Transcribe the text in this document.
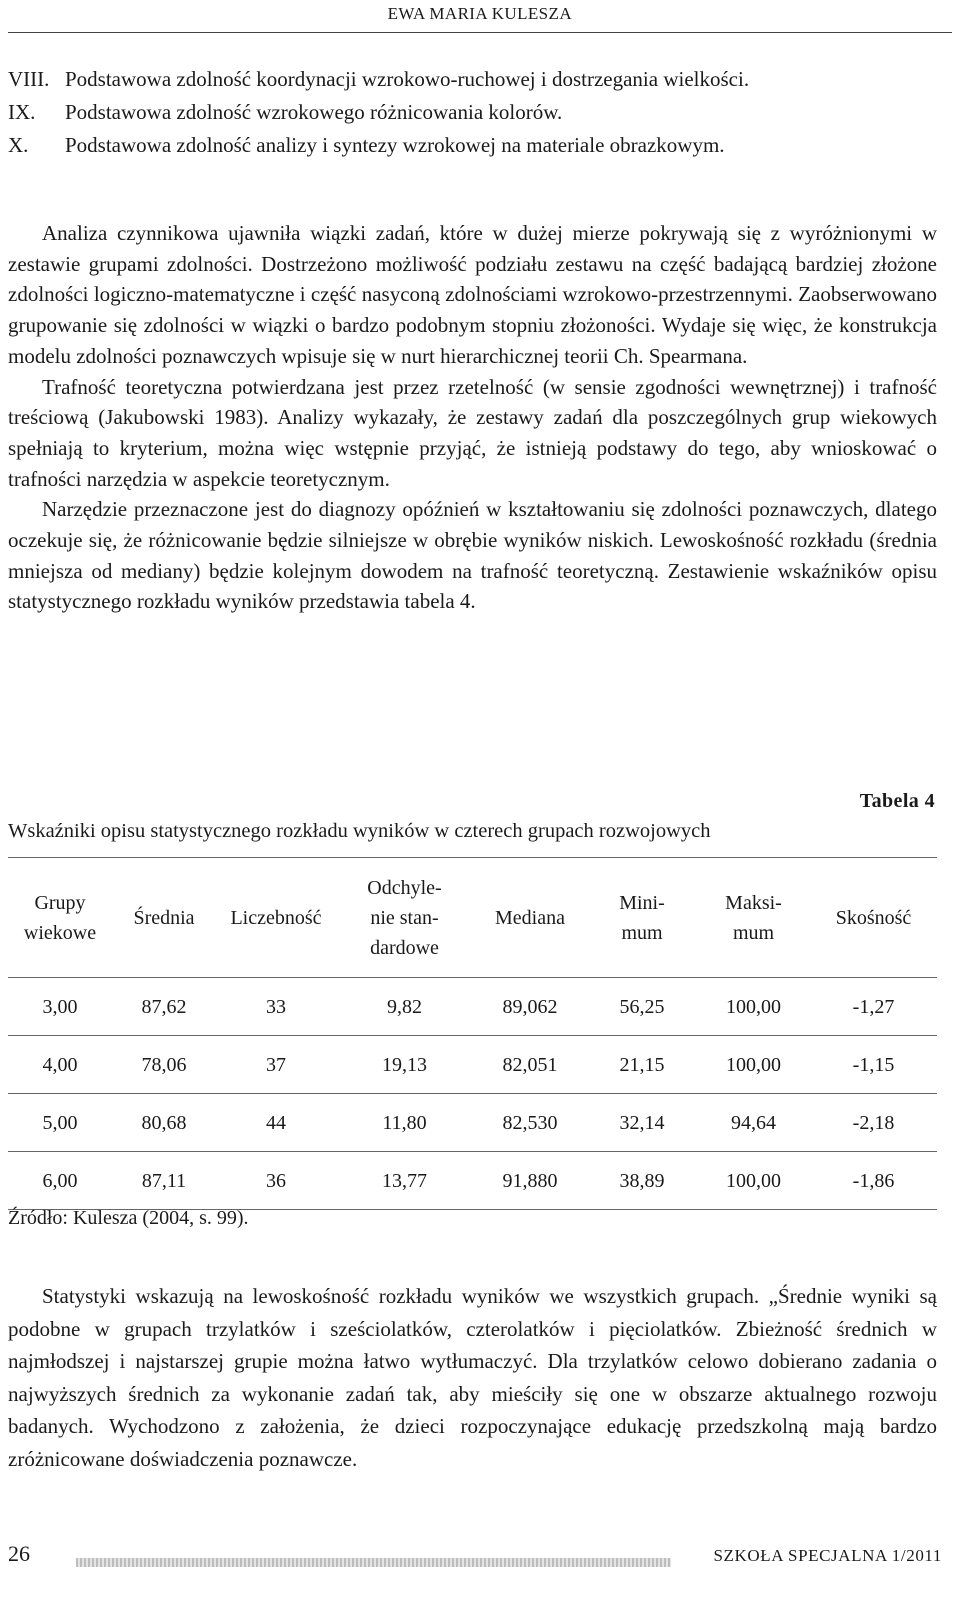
EWA MARIA KULESZA
VIII. Podstawowa zdolność koordynacji wzrokowo-ruchowej i dostrzegania wielkości.
IX.	Podstawowa zdolność wzrokowego różnicowania kolorów.
X.	Podstawowa zdolność analizy i syntezy wzrokowej na materiale obrazkowym.

Analiza czynnikowa ujawniła wiązki zadań, które w dużej mierze pokrywają się z wyróżnionymi w zestawie grupami zdolności. Dostrzeżono możliwość podziału zestawu na część badającą bardziej złożone zdolności logiczno-matematyczne i część nasyconą zdolnościami wzrokowo-przestrzennymi. Zaobserwowano grupowanie się zdolności w wiązki o bardzo podobnym stopniu złożoności. Wydaje się więc, że konstrukcja modelu zdolności poznawczych wpisuje się w nurt hierarchicznej teorii Ch. Spearmana.

Trafność teoretyczna potwierdzana jest przez rzetelność (w sensie zgodności wewnętrznej) i trafność treściową (Jakubowski 1983). Analizy wykazały, że zestawy zadań dla poszczególnych grup wiekowych spełniają to kryterium, można więc wstępnie przyjąć, że istnieją podstawy do tego, aby wnioskować o trafności narzędzia w aspekcie teoretycznym.

Narzędzie przeznaczone jest do diagnozy opóźnień w kształtowaniu się zdolności poznawczych, dlatego oczekuje się, że różnicowanie będzie silniejsze w obrębie wyników niskich. Lewoskośność rozkładu (średnia mniejsza od mediany) będzie kolejnym dowodem na trafność teoretyczną. Zestawienie wskaźników opisu statystycznego rozkładu wyników przedstawia tabela 4.

Tabela 4
Wskaźniki opisu statystycznego rozkładu wyników w czterech grupach rozwojowych
Grupy wiekowe	Średnia	Liczebność	Odchylenie standardowe	Mediana	Minimum	Maksimum	Skośność
3,00	87,62	33	9,82	89,062	56,25	100,00	-1,27
4,00	78,06	37	19,13	82,051	21,15	100,00	-1,15
5,00	80,68	44	11,80	82,530	32,14	94,64	-2,18
6,00	87,11	36	13,77	91,880	38,89	100,00	-1,86
Źródło: Kulesza (2004, s. 99).

Statystyki wskazują na lewoskośność rozkładu wyników we wszystkich grupach. „Średnie wyniki są podobne w grupach trzylatków i sześciolatków, czterolatków i pięciolatków. Zbieżność średnich w najmłodszej i najstarszej grupie można łatwo wytłumaczyć. Dla trzylatków celowo dobierano zadania o najwyższych średnich za wykonanie zadań tak, aby mieściły się one w obszarze aktualnego rozwoju badanych. Wychodzono z założenia, że dzieci rozpoczynające edukację przedszkolną mają bardzo zróżnicowane doświadczenia poznawcze.

26	SZKOŁA SPECJALNA 1/2011
